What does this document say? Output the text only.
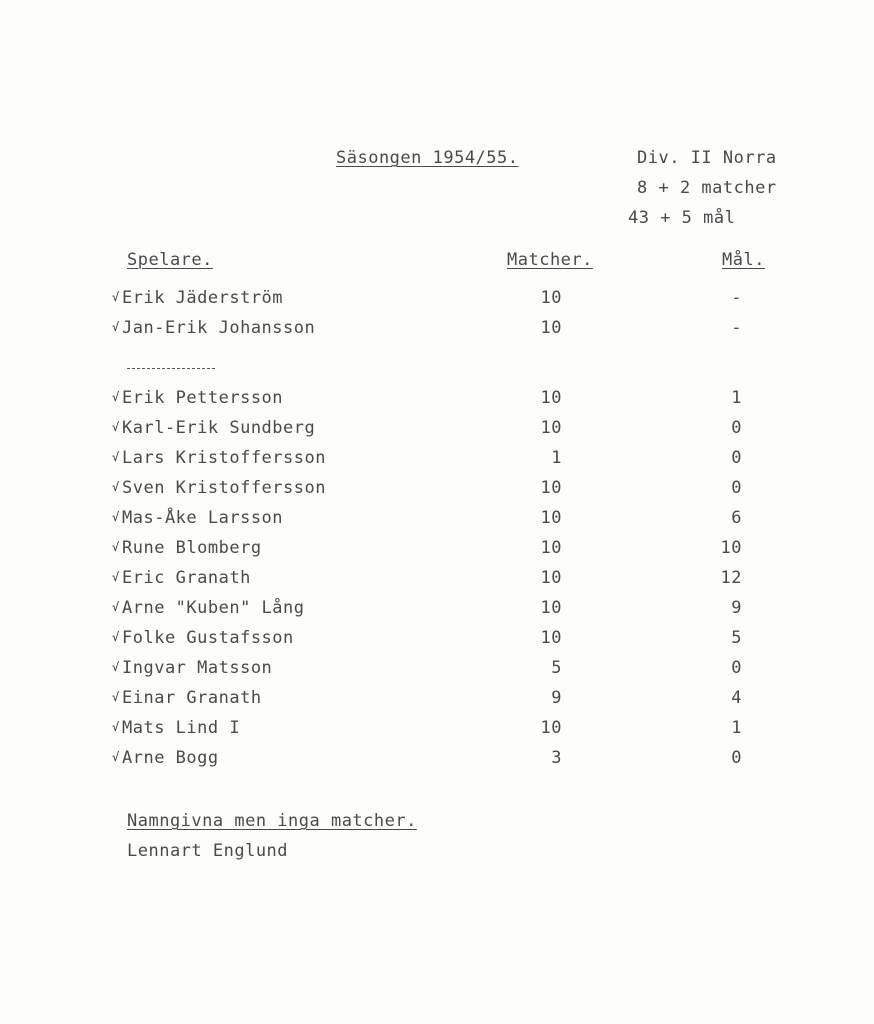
Säsongen 1954/55.	Div. II Norra
8 + 2 matcher
43 + 5 mål
Spelare.	Matcher.	Mål.
√ Erik Jäderström	10	-
√ Jan-Erik Johansson	10	-
√ Erik Pettersson	10	1
√ Karl-Erik Sundberg	10	0
√ Lars Kristoffersson	1	0
√ Sven Kristoffersson	10	0
√ Mas-Åke Larsson	10	6
√ Rune Blomberg	10	10
√ Eric Granath	10	12
√ Arne "Kuben" Lång	10	9
√ Folke Gustafsson	10	5
√ Ingvar Matsson	5	0
√ Einar Granath	9	4
√ Mats Lind I	10	1
√ Arne Bogg	3	0
Namngivna men inga matcher.
Lennart Englund
